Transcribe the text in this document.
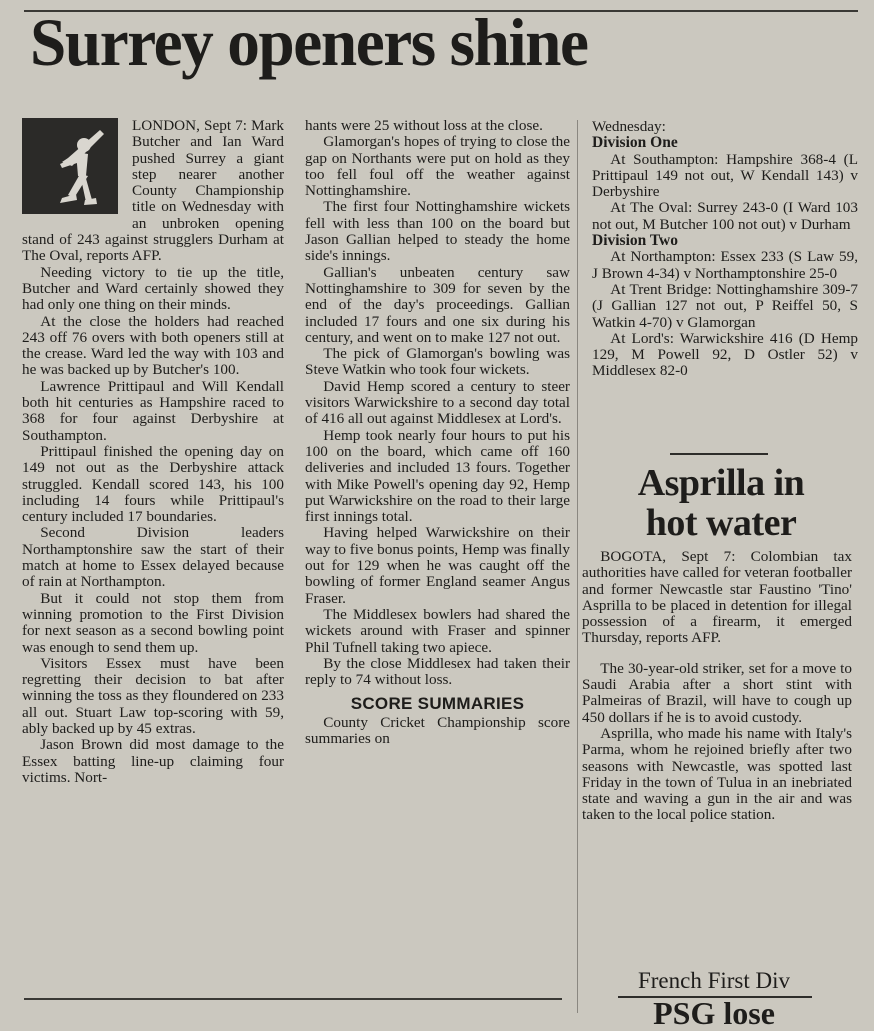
Surrey openers shine

LONDON, Sept 7: Mark Butcher and Ian Ward pushed Surrey a giant step nearer another County Championship title on Wednesday with an unbroken opening stand of 243 against strugglers Durham at The Oval, reports AFP.

Needing victory to tie up the title, Butcher and Ward certainly showed they had only one thing on their minds.

At the close the holders had reached 243 off 76 overs with both openers still at the crease. Ward led the way with 103 and he was backed up by Butcher's 100.

Lawrence Prittipaul and Will Kendall both hit centuries as Hampshire raced to 368 for four against Derbyshire at Southampton.

Prittipaul finished the opening day on 149 not out as the Derbyshire attack struggled. Kendall scored 143, his 100 including 14 fours while Prittipaul's century included 17 boundaries.

Second Division leaders Northamptonshire saw the start of their match at home to Essex delayed because of rain at Northampton.

But it could not stop them from winning promotion to the First Division for next season as a second bowling point was enough to send them up.

Visitors Essex must have been regretting their decision to bat after winning the toss as they floundered on 233 all out. Stuart Law top-scoring with 59, ably backed up by 45 extras.

Jason Brown did most damage to the Essex batting line-up claiming four victims. Nort-

hants were 25 without loss at the close.

Glamorgan's hopes of trying to close the gap on Northants were put on hold as they too fell foul off the weather against Nottinghamshire.

The first four Nottinghamshire wickets fell with less than 100 on the board but Jason Gallian helped to steady the home side's innings.

Gallian's unbeaten century saw Nottinghamshire to 309 for seven by the end of the day's proceedings. Gallian included 17 fours and one six during his century, and went on to make 127 not out.

The pick of Glamorgan's bowling was Steve Watkin who took four wickets.

David Hemp scored a century to steer visitors Warwickshire to a second day total of 416 all out against Middlesex at Lord's.

Hemp took nearly four hours to put his 100 on the board, which came off 160 deliveries and included 13 fours. Together with Mike Powell's opening day 92, Hemp put Warwickshire on the road to their large first innings total.

Having helped Warwickshire on their way to five bonus points, Hemp was finally out for 129 when he was caught off the bowling of former England seamer Angus Fraser.

The Middlesex bowlers had shared the wickets around with Fraser and spinner Phil Tufnell taking two apiece.

By the close Middlesex had taken their reply to 74 without loss.

SCORE SUMMARIES

County Cricket Championship score summaries on

Wednesday:

Division One

At Southampton: Hampshire 368-4 (L Prittipaul 149 not out, W Kendall 143) v Derbyshire

At The Oval: Surrey 243-0 (I Ward 103 not out, M Butcher 100 not out) v Durham

Division Two

At Northampton: Essex 233 (S Law 59, J Brown 4-34) v Northamptonshire 25-0

At Trent Bridge: Nottinghamshire 309-7 (J Gallian 127 not out, P Reiffel 50, S Watkin 4-70) v Glamorgan

At Lord's: Warwickshire 416 (D Hemp 129, M Powell 92, D Ostler 52) v Middlesex 82-0

Asprilla in
hot water

BOGOTA, Sept 7: Colombian tax authorities have called for veteran footballer and former Newcastle star Faustino 'Tino' Asprilla to be placed in detention for illegal possession of a firearm, it emerged Thursday, reports AFP.

The 30-year-old striker, set for a move to Saudi Arabia after a short stint with Palmeiras of Brazil, will have to cough up 450 dollars if he is to avoid custody.

Asprilla, who made his name with Italy's Parma, whom he rejoined briefly after two seasons with Newcastle, was spotted last Friday in the town of Tulua in an inebriated state and waving a gun in the air and was taken to the local police station.

French First Div
PSG lose
